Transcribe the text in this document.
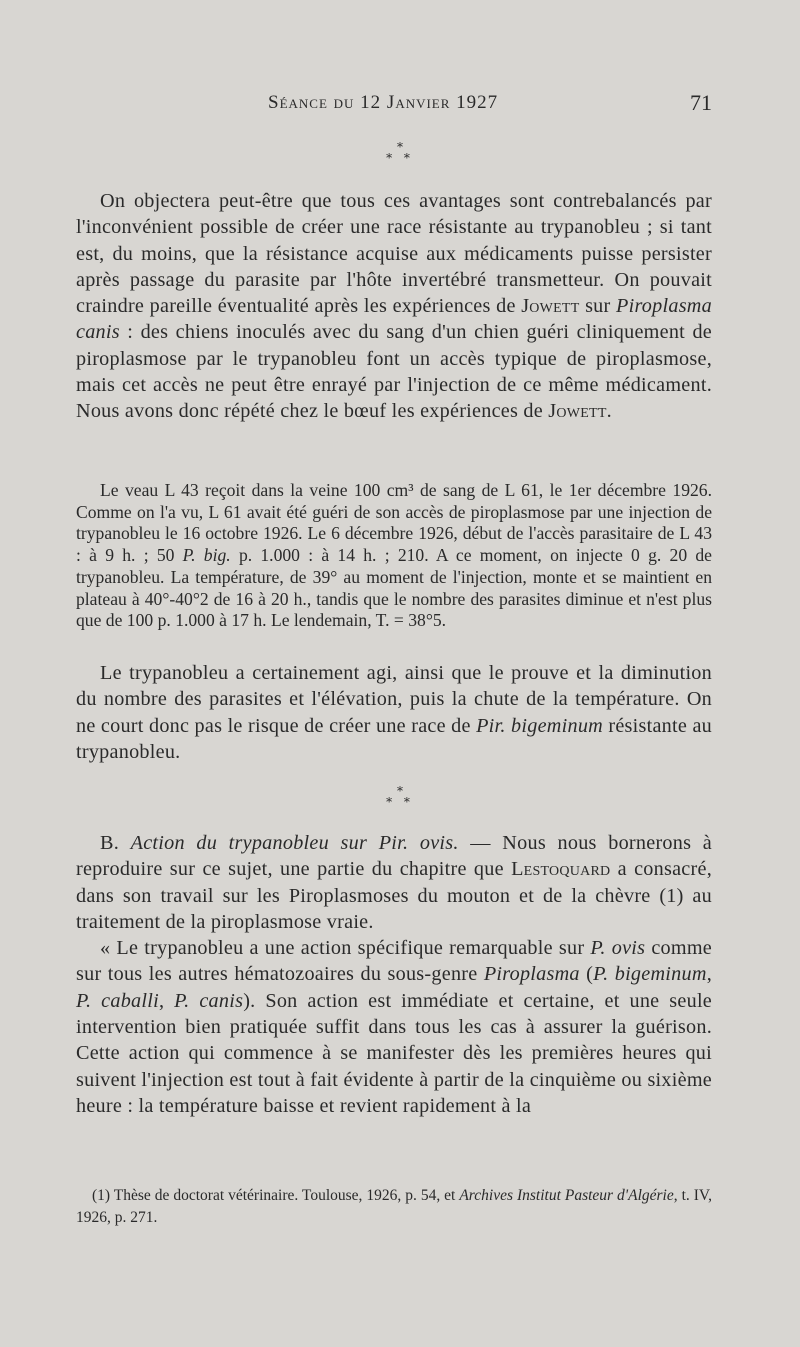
Séance du 12 Janvier 1927	71
*
* *

On objectera peut-être que tous ces avantages sont contrebalancés par l'inconvénient possible de créer une race résistante au trypanobleu ; si tant est, du moins, que la résistance acquise aux médicaments puisse persister après passage du parasite par l'hôte invertébré transmetteur. On pouvait craindre pareille éventualité après les expériences de Jowett sur Piroplasma canis : des chiens inoculés avec du sang d'un chien guéri cliniquement de piroplasmose par le trypanobleu font un accès typique de piroplasmose, mais cet accès ne peut être enrayé par l'injection de ce même médicament. Nous avons donc répété chez le bœuf les expériences de Jowett.

Le veau L 43 reçoit dans la veine 100 cm³ de sang de L 61, le 1er décembre 1926. Comme on l'a vu, L 61 avait été guéri de son accès de piroplasmose par une injection de trypanobleu le 16 octobre 1926. Le 6 décembre 1926, début de l'accès parasitaire de L 43 : à 9 h. ; 50 P. big. p. 1.000 : à 14 h. ; 210. A ce moment, on injecte 0 g. 20 de trypanobleu. La température, de 39° au moment de l'injection, monte et se maintient en plateau à 40°-40°2 de 16 à 20 h., tandis que le nombre des parasites diminue et n'est plus que de 100 p. 1.000 à 17 h. Le lendemain, T. = 38°5.

Le trypanobleu a certainement agi, ainsi que le prouve et la diminution du nombre des parasites et l'élévation, puis la chute de la température. On ne court donc pas le risque de créer une race de Pir. bigeminum résistante au trypanobleu.

*
* *

B. Action du trypanobleu sur Pir. ovis. — Nous nous bornerons à reproduire sur ce sujet, une partie du chapitre que Lestoquard a consacré, dans son travail sur les Piroplasmoses du mouton et de la chèvre (1) au traitement de la piroplasmose vraie.

« Le trypanobleu a une action spécifique remarquable sur P. ovis comme sur tous les autres hématozoaires du sous-genre Piroplasma (P. bigeminum, P. caballi, P. canis). Son action est immédiate et certaine, et une seule intervention bien pratiquée suffit dans tous les cas à assurer la guérison. Cette action qui commence à se manifester dès les premières heures qui suivent l'injection est tout à fait évidente à partir de la cinquième ou sixième heure : la température baisse et revient rapidement à la

(1) Thèse de doctorat vétérinaire. Toulouse, 1926, p. 54, et Archives Institut Pasteur d'Algérie, t. IV, 1926, p. 271.
